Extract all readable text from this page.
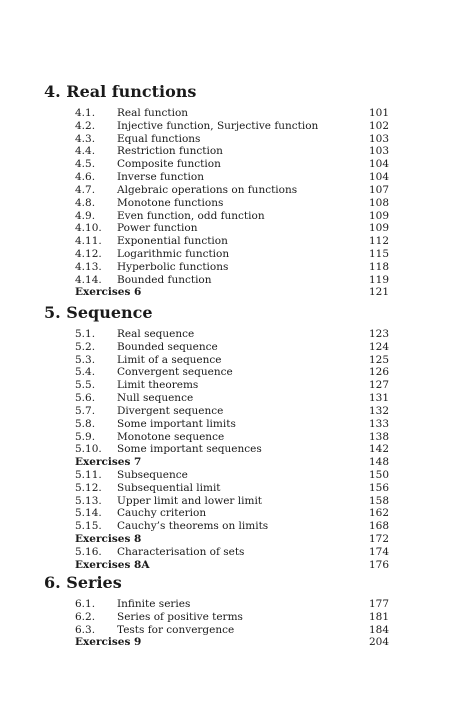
4. Real functions
4.1. Real function	101
4.2. Injective function, Surjective function	102
4.3. Equal functions	103
4.4. Restriction function	103
4.5. Composite function	104
4.6. Inverse function	104
4.7. Algebraic operations on functions	107
4.8. Monotone functions	108
4.9. Even function, odd function	109
4.10. Power function	109
4.11. Exponential function	112
4.12. Logarithmic function	115
4.13. Hyperbolic functions	118
4.14. Bounded function	119
Exercises 6	121
5. Sequence
5.1. Real sequence	123
5.2. Bounded sequence	124
5.3. Limit of a sequence	125
5.4. Convergent sequence	126
5.5. Limit theorems	127
5.6. Null sequence	131
5.7. Divergent sequence	132
5.8. Some important limits	133
5.9. Monotone sequence	138
5.10. Some important sequences	142
Exercises 7	148
5.11. Subsequence	150
5.12. Subsequential limit	156
5.13. Upper limit and lower limit	158
5.14. Cauchy criterion	162
5.15. Cauchy’s theorems on limits	168
Exercises 8	172
5.16. Characterisation of sets	174
Exercises 8A	176
6. Series
6.1. Infinite series	177
6.2. Series of positive terms	181
6.3. Tests for convergence	184
Exercises 9	204
